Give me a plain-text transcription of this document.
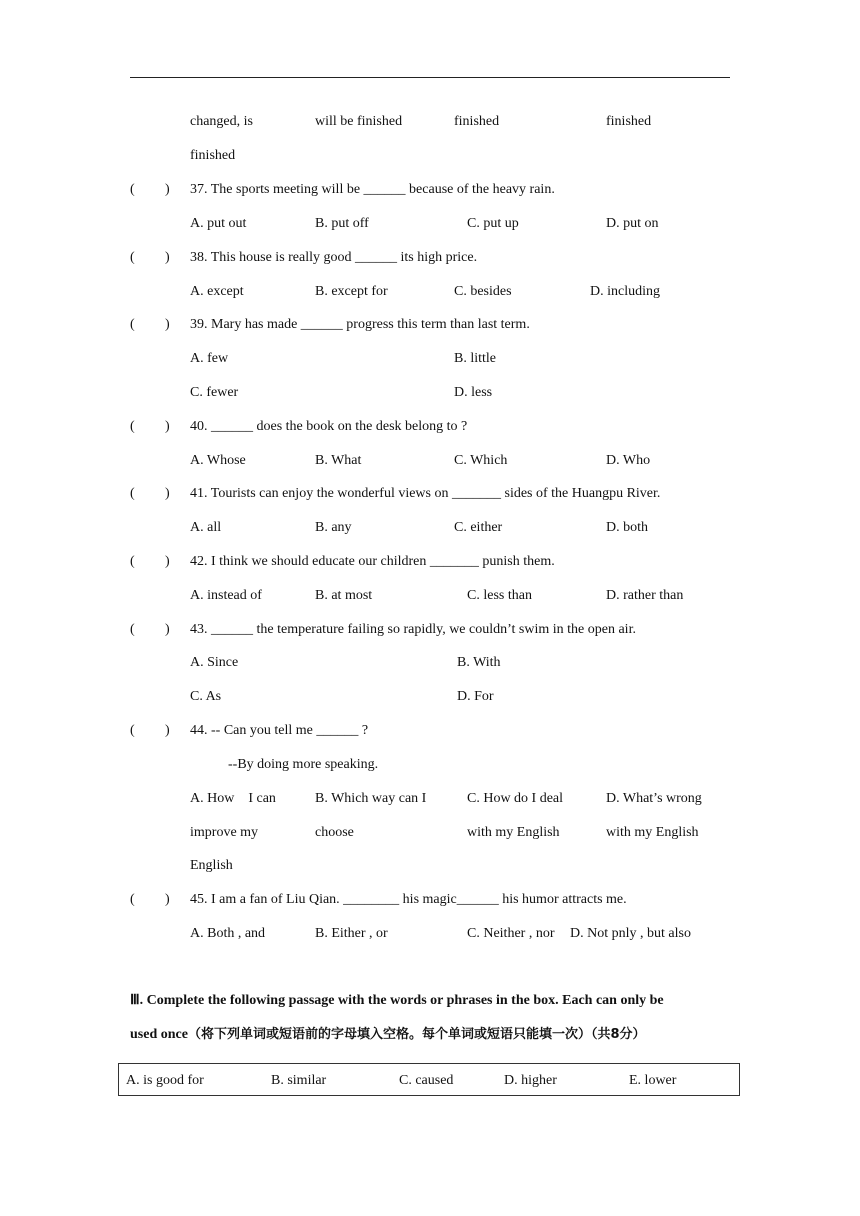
changed, is	will be finished	finished	finished
finished
( ) 37. The sports meeting will be ______ because of the heavy rain.
A. put out	B. put off	C. put up	D. put on
( ) 38. This house is really good ______ its high price.
A. except	B. except for	C. besides	D. including
( ) 39. Mary has made ______ progress this term than last term.
A. few	B. little
C. fewer	D. less
( ) 40. ______ does the book on the desk belong to ?
A. Whose	B. What	C. Which	D. Who
( ) 41. Tourists can enjoy the wonderful views on _______ sides of the Huangpu River.
A. all	B. any	C. either	D. both
( ) 42. I think we should educate our children _______ punish them.
A. instead of	B. at most	C. less than	D. rather than
( ) 43. ______ the temperature failing so rapidly, we couldn’t swim in the open air.
A. Since	B. With
C. As	D. For
( ) 44. -- Can you tell me ______ ?
--By doing more speaking.
A. How　I can	B. Which way can I	C. How do I deal	D. What’s wrong
improve my	choose	with my English	with my English
English
( ) 45. I am a fan of Liu Qian. ________ his magic______ his humor attracts me.
A. Both , and	B. Either , or	C. Neither , nor D. Not pnly , but also
Ⅲ. Complete the following passage with the words or phrases in the box. Each can only be
used once（将下列单词或短语前的字母填入空格。每个单词或短语只能填一次）（共8分）
A. is good for	B. similar	C. caused	D. higher	E. lower
